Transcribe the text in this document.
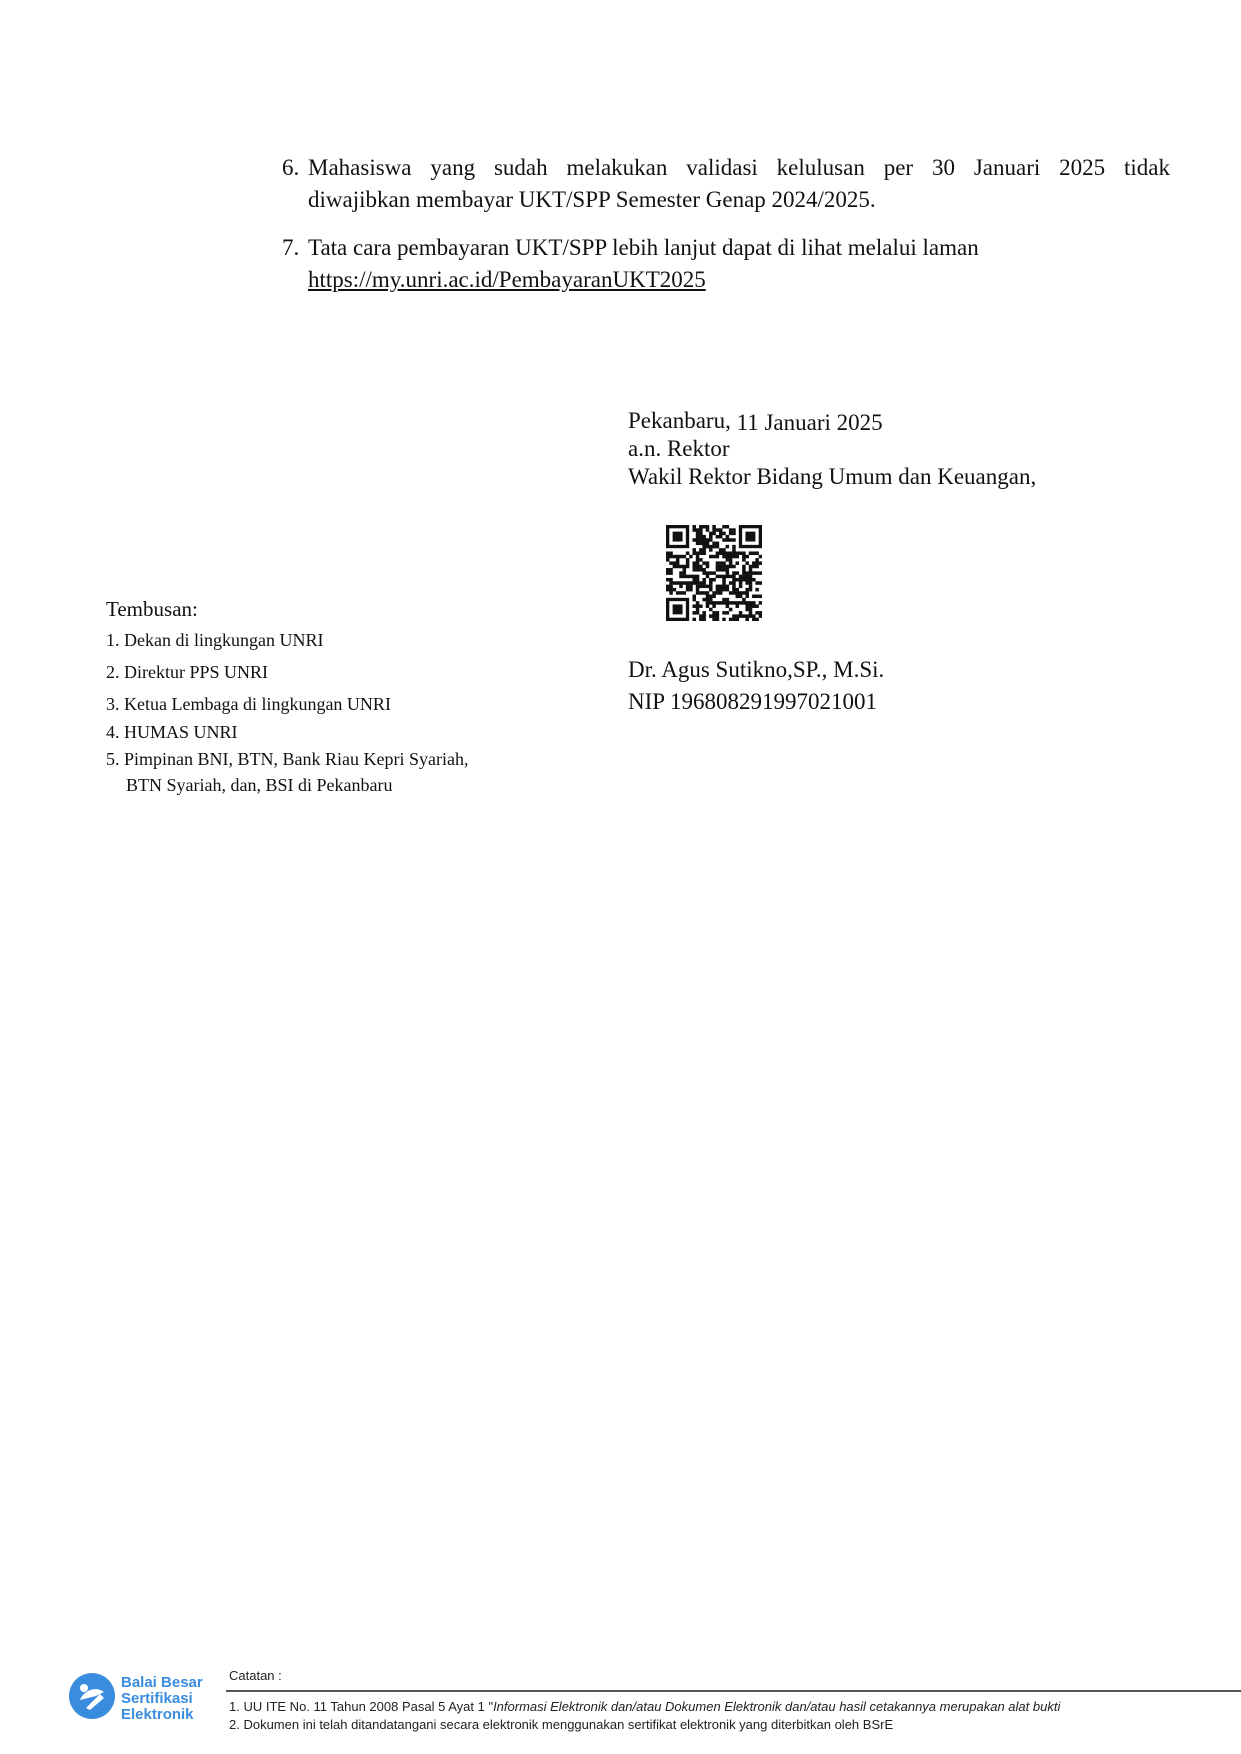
6. Mahasiswa yang sudah melakukan validasi kelulusan per 30 Januari 2025 tidak
diwajibkan membayar UKT/SPP Semester Genap 2024/2025.
7. Tata cara pembayaran UKT/SPP lebih lanjut dapat di lihat melalui laman
https://my.unri.ac.id/PembayaranUKT2025
Pekanbaru, 11 Januari 2025
a.n. Rektor
Wakil Rektor Bidang Umum dan Keuangan,
Dr. Agus Sutikno,SP., M.Si.
NIP 196808291997021001
Tembusan:
1. Dekan di lingkungan UNRI
2. Direktur PPS UNRI
3. Ketua Lembaga di lingkungan UNRI
4. HUMAS UNRI
5. Pimpinan BNI, BTN, Bank Riau Kepri Syariah,
BTN Syariah, dan, BSI di Pekanbaru
Balai Besar
Sertifikasi
Elektronik
Catatan :
1. UU ITE No. 11 Tahun 2008 Pasal 5 Ayat 1 "Informasi Elektronik dan/atau Dokumen Elektronik dan/atau hasil cetakannya merupakan alat bukti
2. Dokumen ini telah ditandatangani secara elektronik menggunakan sertifikat elektronik yang diterbitkan oleh BSrE
